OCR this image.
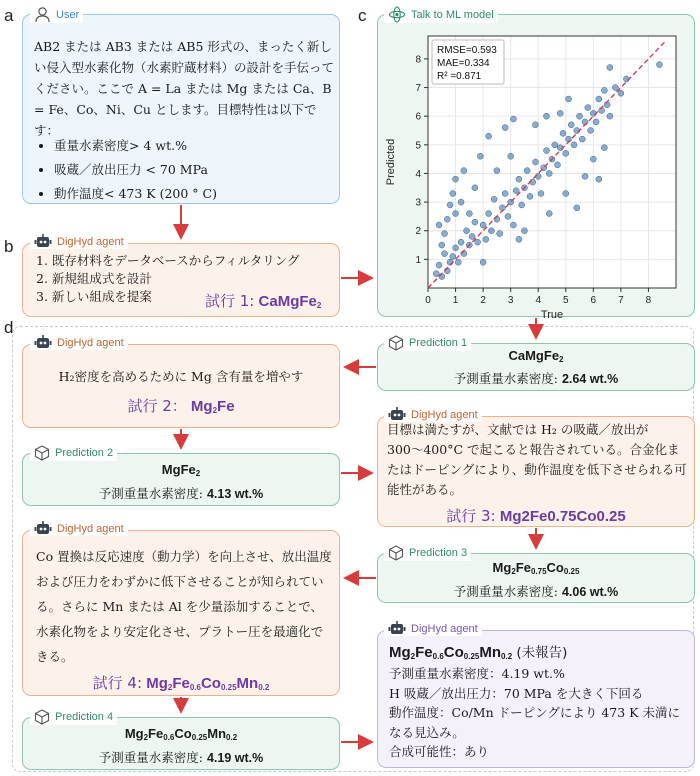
a
b
c
d
User
AB2 または AB3 または AB5 形式の、まったく新しい侵入型水素化物（水素貯蔵材料）の設計を手伝ってください。ここで A = La または Mg または Ca、B = Fe、Co、Ni、Cu とします。目標特性は以下です：
• 重量水素密度> 4 wt.%
• 吸蔵／放出圧力 < 70 MPa
• 動作温度< 473 K (200 ° C)
DigHyd agent
1. 既存材料をデータベースからフィルタリング
2. 新規組成式を設計
3. 新しい組成を提案	試行 1: CaMgFe$_2$
Talk to ML model
0 1 2 3 4 5 6 7 8
1
2
3
4
5
6
7
8
True
Predicted
RMSE=0.593
MAE=0.334
R² =0.871
DigHyd agent
H₂密度を高めるために Mg 含有量を増やす
試行 2： $Mg_2Fe$
Prediction 2
MgFe$_2$
予測重量水素密度: 4.13 wt.%
DigHyd agent
Co 置換は反応速度（動力学）を向上させ、放出温度および圧力をわずかに低下させることが知られている。さらに Mn または Al を少量添加することで、水素化物をより安定化させ、プラトー圧を最適化できる。
試行 4: $Mg_2Fe_{0.6}Co_{0.25}Mn_{0.2}$
Prediction 4
$Mg_2Fe_{0.6}Co_{0.25}Mn_{0.2}$
予測重量水素密度: 4.19 wt.%
Prediction 1
CaMgFe$_2$
予測重量水素密度: 2.64 wt.%
DigHyd agent
目標は満たすが、文献では H₂ の吸蔵／放出が 300〜400°C で起こると報告されている。合金化またはドーピングにより、動作温度を低下させられる可能性がある。
試行 3: Mg2Fe0.75Co0.25
Prediction 3
$Mg_2Fe_{0.75}Co_{0.25}$
予測重量水素密度: 4.06 wt.%
DigHyd agent
$Mg_2Fe_{0.6}Co_{0.25}Mn_{0.2}$ (未報告)
予測重量水素密度：4.19 wt.%
H 吸蔵／放出圧力：70 MPa を大きく下回る
動作温度：Co/Mn ドーピングにより 473 K 未満になる見込み。
合成可能性：あり
